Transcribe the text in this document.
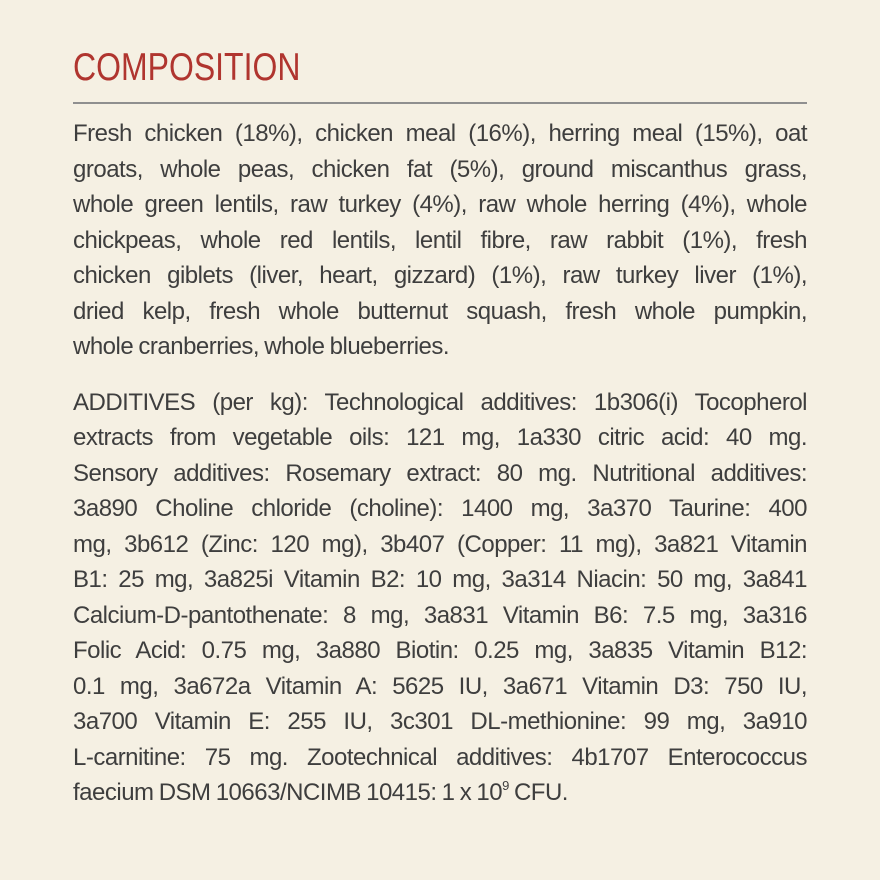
COMPOSITION
Fresh chicken (18%), chicken meal (16%), herring meal (15%), oat
groats, whole peas, chicken fat (5%), ground miscanthus grass,
whole green lentils, raw turkey (4%), raw whole herring (4%), whole
chickpeas, whole red lentils, lentil fibre, raw rabbit (1%), fresh
chicken giblets (liver, heart, gizzard) (1%), raw turkey liver (1%),
dried kelp, fresh whole butternut squash, fresh whole pumpkin,
whole cranberries, whole blueberries.
ADDITIVES (per kg): Technological additives: 1b306(i) Tocopherol
extracts from vegetable oils: 121 mg, 1a330 citric acid: 40 mg.
Sensory additives: Rosemary extract: 80 mg. Nutritional additives:
3a890 Choline chloride (choline): 1400 mg, 3a370 Taurine: 400
mg, 3b612 (Zinc: 120 mg), 3b407 (Copper: 11 mg), 3a821 Vitamin
B1: 25 mg, 3a825i Vitamin B2: 10 mg, 3a314 Niacin: 50 mg, 3a841
Calcium-D-pantothenate: 8 mg, 3a831 Vitamin B6: 7.5 mg, 3a316
Folic Acid: 0.75 mg, 3a880 Biotin: 0.25 mg, 3a835 Vitamin B12:
0.1 mg, 3a672a Vitamin A: 5625 IU, 3a671 Vitamin D3: 750 IU,
3a700 Vitamin E: 255 IU, 3c301 DL-methionine: 99 mg, 3a910
L-carnitine: 75 mg. Zootechnical additives: 4b1707 Enterococcus
faecium DSM 10663/NCIMB 10415: 1 x $10^9$ CFU.
